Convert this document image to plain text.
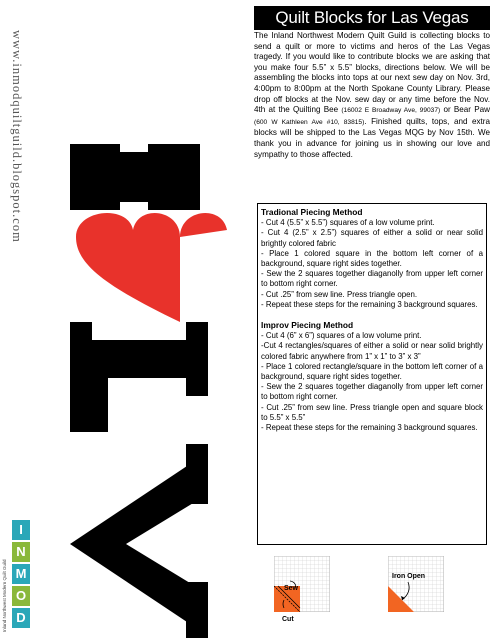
www.inmodquiltguild.blogspot.com
Inland Northwest Modern Quilt Guild
I
N
M
O
D
Quilt Blocks for Las Vegas
The Inland Northwest Modern Quilt Guild is collecting blocks to send a quilt or more to victims and heros of the Las Vegas tragedy. If you would like to contribute blocks we are asking that you make four 5.5” x 5.5” blocks, directions below. We will be assembling the blocks into tops at our next sew day on Nov. 3rd, 4:00pm to 8:00pm at the North Spokane County Library. Please drop off blocks at the Nov. sew day or any time before the Nov. 4th at the Quilting Bee (16002 E Broadway Ave, 99037) or Bear Paw (600 W Kathleen Ave #10, 83815). Finished quilts, tops, and extra blocks will be shipped to the Las Vegas MQG by Nov 15th. We thank you in advance for joining us in showing our love and sympathy to those affected.
Tradional Piecing Method
- Cut 4 (5.5” x 5.5”) squares of a low volume print.
- Cut 4 (2.5” x 2.5”) squares of either a solid or near solid brightly colored fabric
- Place 1 colored square in the bottom left corner of a background, square right sides together.
- Sew the 2 squares together diaganolly from upper left corner to bottom right corner.
- Cut .25” from sew line. Press triangle open.
- Repeat these steps for the remaining 3 background squares.
Improv Piecing Method
- Cut 4 (6” x 6”) squares of a low volume print.
-Cut 4 rectangles/squares of either a solid or near solid brightly colored fabric anywhere from 1” x 1” to 3” x 3”
- Place 1 colored rectangle/square in the bottom left corner of a background, square right sides together.
- Sew the 2 squares together diaganolly from upper left corner to bottom right corner.
- Cut .25” from sew line. Press triangle open and square block to 5.5” x 5.5”
- Repeat these steps for the remaining 3 background squares.
Sew
Cut
Iron Open
